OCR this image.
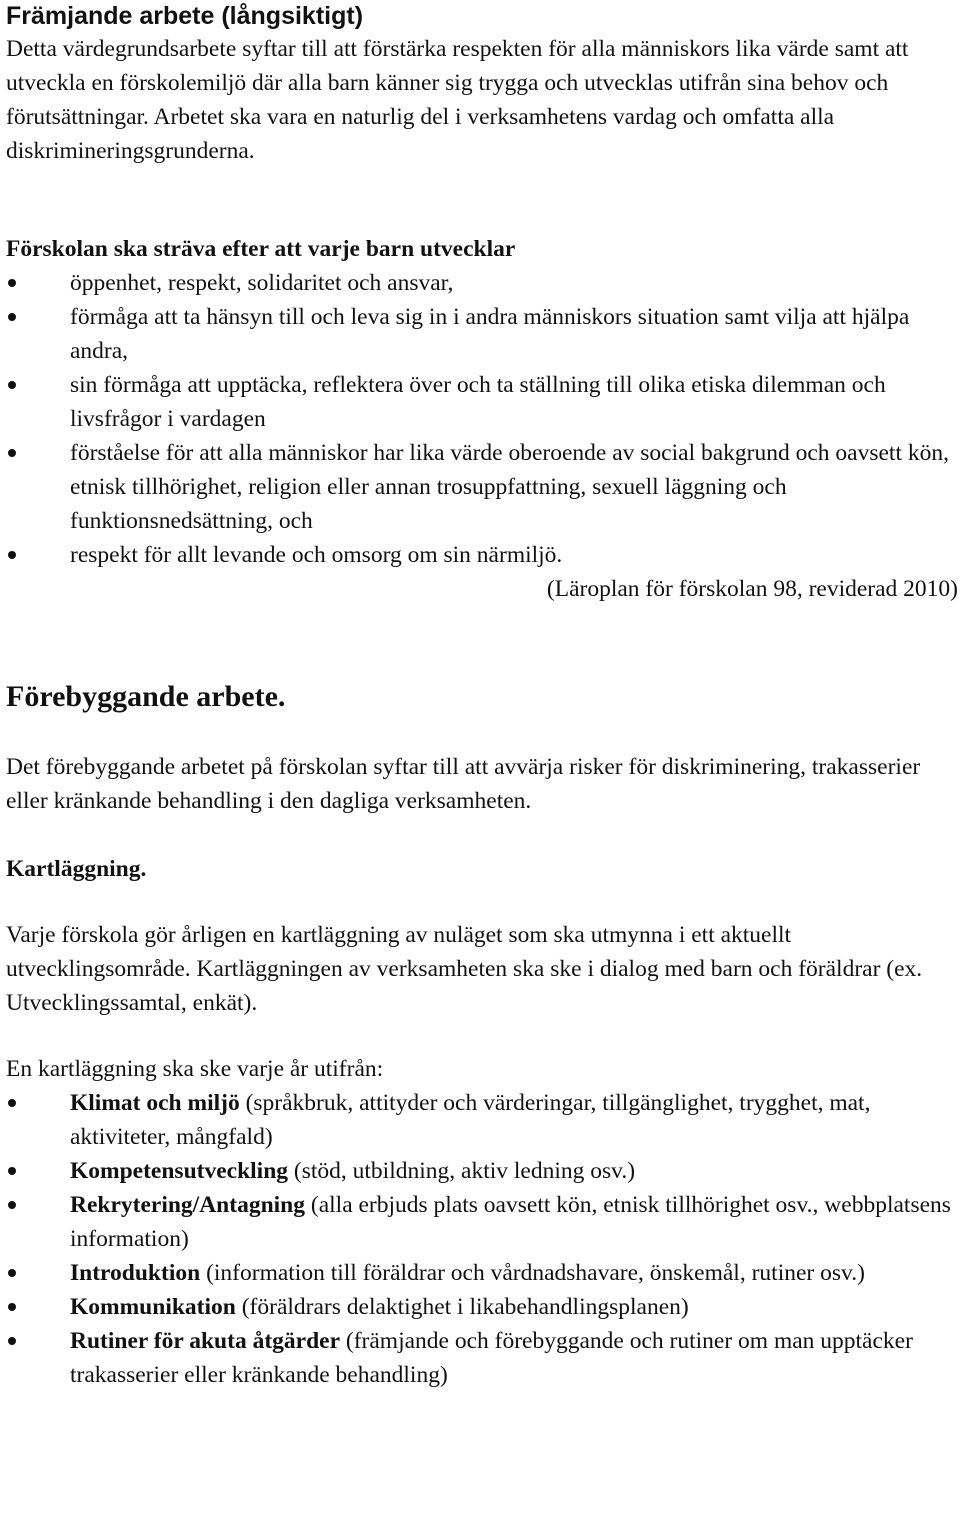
Främjande arbete (långsiktigt)

Detta värdegrundsarbete syftar till att förstärka respekten för alla människors lika värde samt att utveckla en förskolemiljö där alla barn känner sig trygga och utvecklas utifrån sina behov och förutsättningar. Arbetet ska vara en naturlig del i verksamhetens vardag och omfatta alla diskrimineringsgrunderna.

Förskolan ska sträva efter att varje barn utvecklar

öppenhet, respekt, solidaritet och ansvar,
förmåga att ta hänsyn till och leva sig in i andra människors situation samt vilja att hjälpa andra,
sin förmåga att upptäcka, reflektera över och ta ställning till olika etiska dilemman och livsfrågor i vardagen
förståelse för att alla människor har lika värde oberoende av social bakgrund och oavsett kön, etnisk tillhörighet, religion eller annan trosuppfattning, sexuell läggning och funktionsnedsättning, och
respekt för allt levande och omsorg om sin närmiljö.

(Läroplan för förskolan 98, reviderad 2010)

Förebyggande arbete.

Det förebyggande arbetet på förskolan syftar till att avvärja risker för diskriminering, trakasserier eller kränkande behandling i den dagliga verksamheten.

Kartläggning.

Varje förskola gör årligen en kartläggning av nuläget som ska utmynna i ett aktuellt utvecklingsområde. Kartläggningen av verksamheten ska ske i dialog med barn och föräldrar (ex. Utvecklingssamtal, enkät).

En kartläggning ska ske varje år utifrån:

Klimat och miljö (språkbruk, attityder och värderingar, tillgänglighet, trygghet, mat, aktiviteter, mångfald)
Kompetensutveckling (stöd, utbildning, aktiv ledning osv.)
Rekrytering/Antagning (alla erbjuds plats oavsett kön, etnisk tillhörighet osv., webbplatsens information)
Introduktion (information till föräldrar och vårdnadshavare, önskemål, rutiner osv.)
Kommunikation (föräldrars delaktighet i likabehandlingsplanen)
Rutiner för akuta åtgärder (främjande och förebyggande och rutiner om man upptäcker trakasserier eller kränkande behandling)
